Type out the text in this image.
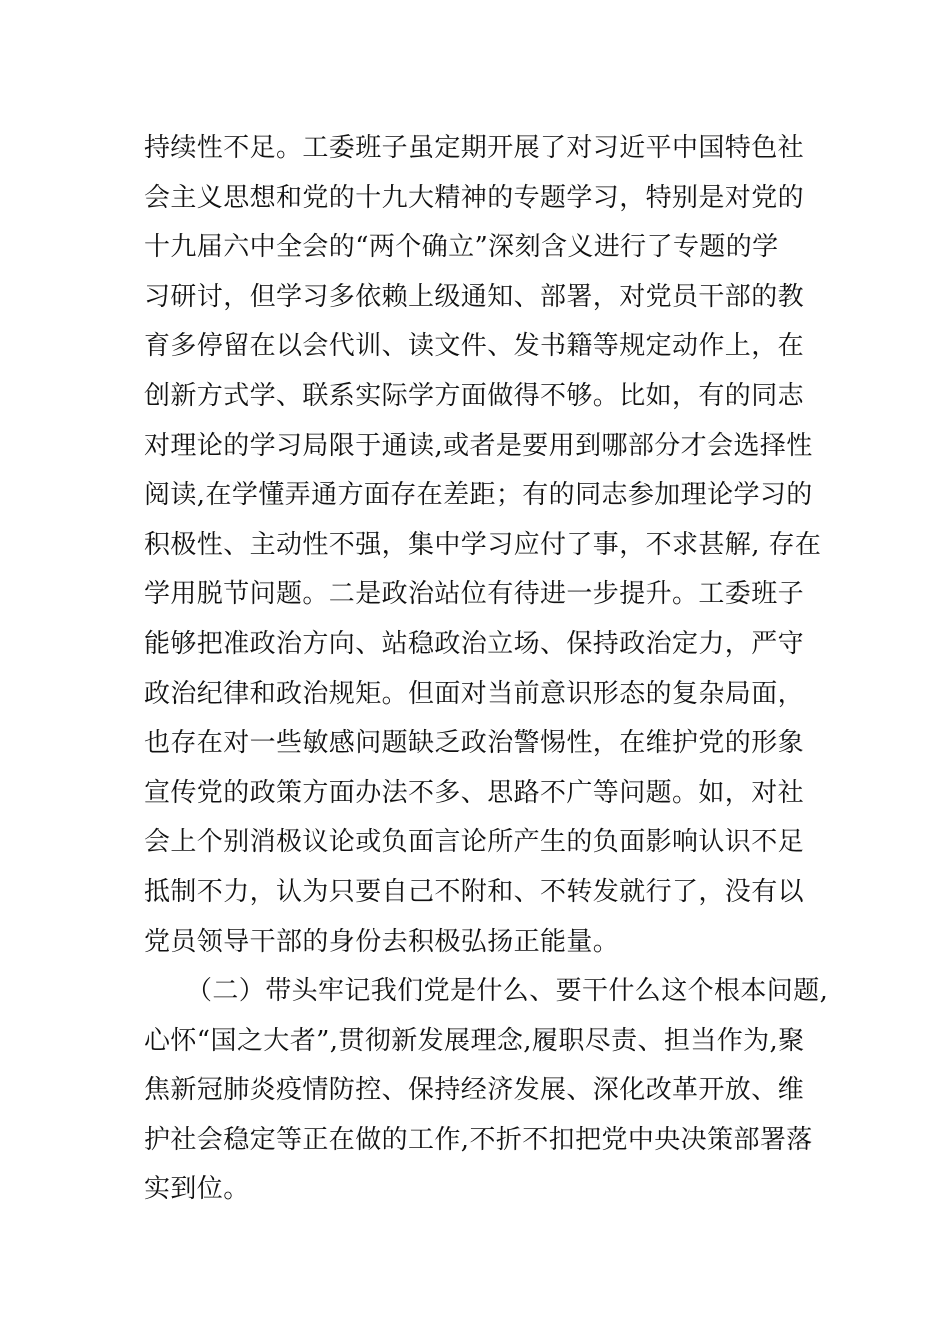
持续性不足。工委班子虽定期开展了对习近平中国特色社
会主义思想和党的十九大精神的专题学习，特别是对党的
十九届六中全会的“两个确立”深刻含义进行了专题的学
习研讨，但学习多依赖上级通知、部署，对党员干部的教
育多停留在以会代训、读文件、发书籍等规定动作上，在
创新方式学、联系实际学方面做得不够。比如，有的同志
对理论的学习局限于通读,或者是要用到哪部分才会选择性
阅读,在学懂弄通方面存在差距；有的同志参加理论学习的
积极性、主动性不强，集中学习应付了事，不求甚解, 存在
学用脱节问题。二是政治站位有待进一步提升。工委班子
能够把准政治方向、站稳政治立场、保持政治定力，严守
政治纪律和政治规矩。但面对当前意识形态的复杂局面，
也存在对一些敏感问题缺乏政治警惕性，在维护党的形象
宣传党的政策方面办法不多、思路不广等问题。如，对社
会上个别消极议论或负面言论所产生的负面影响认识不足
抵制不力，认为只要自己不附和、不转发就行了，没有以
党员领导干部的身份去积极弘扬正能量。
（二）带头牢记我们党是什么、要干什么这个根本问题,
心怀“国之大者”,贯彻新发展理念,履职尽责、担当作为,聚
焦新冠肺炎疫情防控、保持经济发展、深化改革开放、维
护社会稳定等正在做的工作,不折不扣把党中央决策部署落
实到位。
